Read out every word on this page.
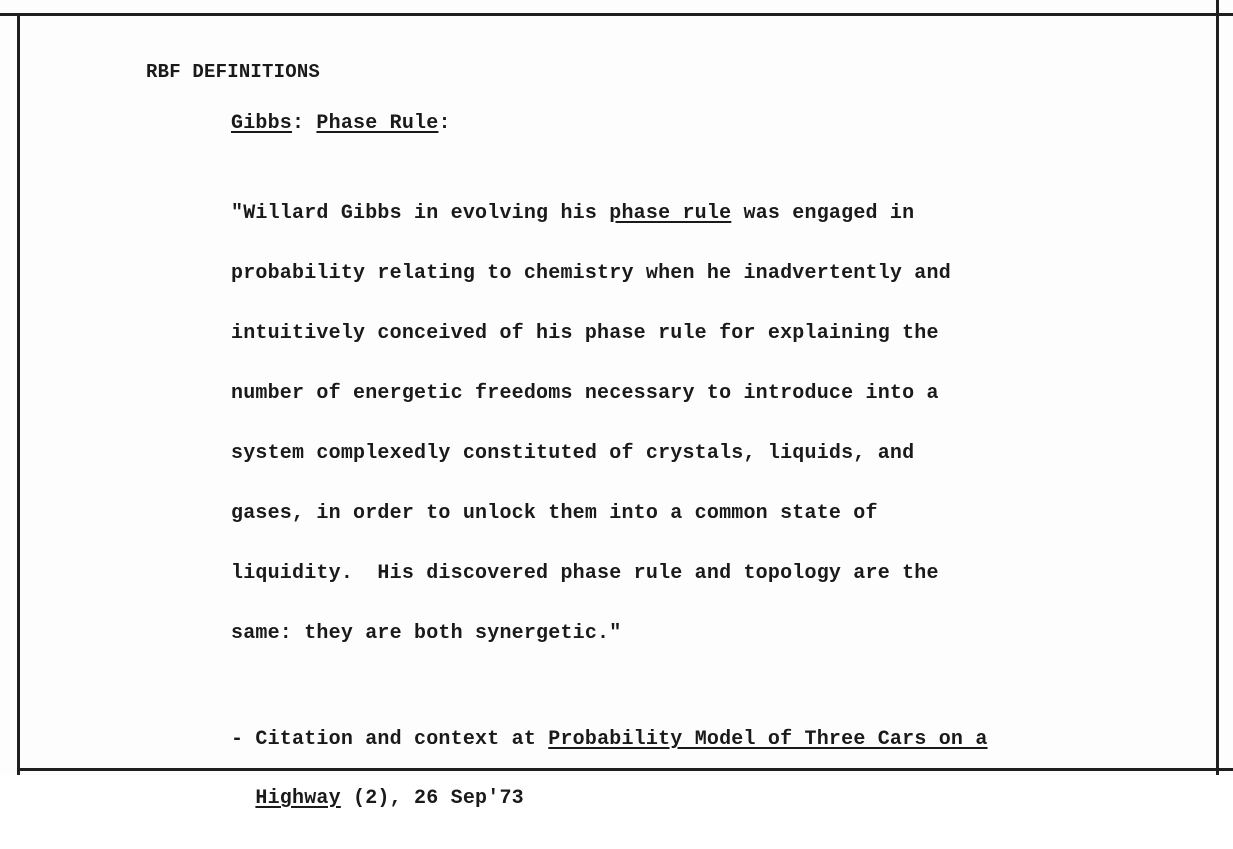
RBF DEFINITIONS
Gibbs: Phase Rule:

"Willard Gibbs in evolving his phase rule was engaged in

probability relating to chemistry when he inadvertently and

intuitively conceived of his phase rule for explaining the

number of energetic freedoms necessary to introduce into a

system complexedly constituted of crystals, liquids, and

gases, in order to unlock them into a common state of

liquidity.  His discovered phase rule and topology are the

same: they are both synergetic."

- Citation and context at Probability Model of Three Cars on a

Highway (2), 26 Sep'73
